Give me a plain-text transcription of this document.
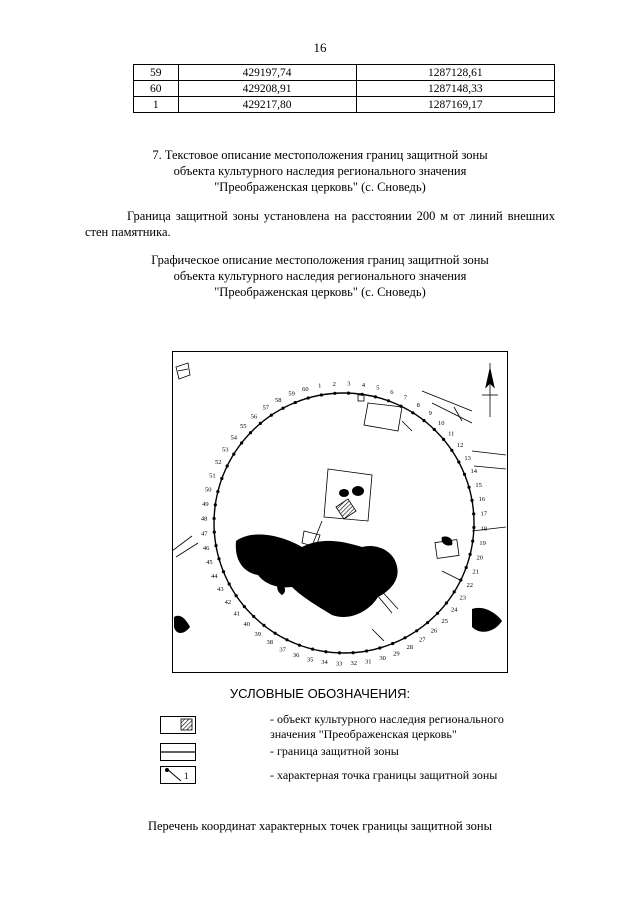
16
59	429197,74	1287128,61
60	429208,91	1287148,33
1	429217,80	1287169,17
7. Текстовое описание местоположения границ защитной зоны
объекта культурного наследия регионального значения
"Преображенская церковь" (с. Сноведь)
Граница защитной зоны установлена на расстоянии 200 м от линий внешних стен памятника.
Графическое описание местоположения границ защитной зоны
объекта культурного наследия регионального значения
"Преображенская церковь" (с. Сноведь)
1 2 3 4 5
6
7
8
9
10
11
12
13
14
15
16
17
18
19
20
21
22
23
24
25
26
27
28
29
30
31
32
33
34
35
36
37
38
39
40
41
42
43
44
45
46
47
48
49
50
51
52
53
54
55
56
57
58
59
60
УСЛОВНЫЕ ОБОЗНАЧЕНИЯ:
- объект культурного наследия регионального
значения "Преображенская церковь"
- граница защитной зоны
1	- характерная точка границы защитной зоны
Перечень координат характерных точек границы защитной зоны
